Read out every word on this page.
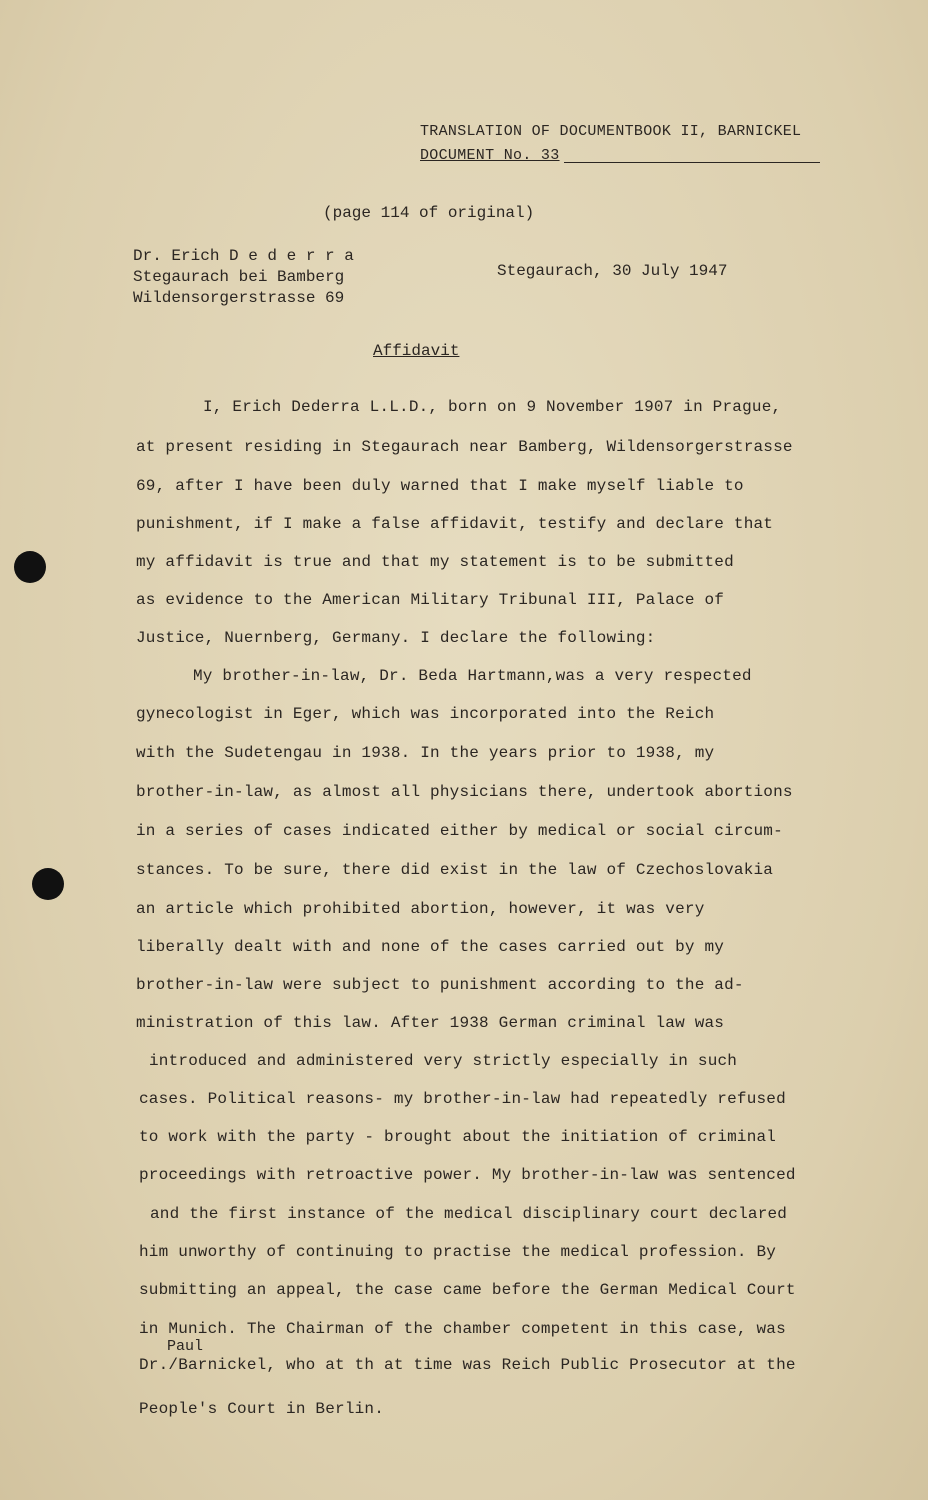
TRANSLATION OF DOCUMENTBOOK II, BARNICKEL
DOCUMENT No. 33
(page 114 of original)
Dr. Erich D e d e r r a
Stegaurach bei Bamberg
Wildensorgerstrasse 69
Stegaurach, 30 July 1947
Affidavit
I, Erich Dederra L.L.D., born on 9 November 1907 in Prague,
at present residing in Stegaurach near Bamberg, Wildensorgerstrasse
69, after I have been duly warned that I make myself liable to
punishment, if I make a false affidavit, testify and declare that
my affidavit is true and that my statement is to be submitted
as evidence to the American Military Tribunal III, Palace of
Justice, Nuernberg, Germany. I declare the following:
My brother-in-law, Dr. Beda Hartmann,was a very respected
gynecologist in Eger, which was incorporated into the Reich
with the Sudetengau in 1938. In the years prior to 1938, my
brother-in-law, as almost all physicians there, undertook abortions
in a series of cases indicated either by medical or social circum-
stances. To be sure, there did exist in the law of Czechoslovakia
an article which prohibited abortion, however, it was very
liberally dealt with and none of the cases carried out by my
brother-in-law were subject to punishment according to the ad-
ministration of this law. After 1938 German criminal law was
introduced and administered very strictly especially in such
cases. Political reasons- my brother-in-law had repeatedly refused
to work with the party - brought about the initiation of criminal
proceedings with retroactive power. My brother-in-law was sentenced
and the first instance of the medical disciplinary court declared
him unworthy of continuing to practise the medical profession. By
submitting an appeal, the case came before the German Medical Court
in Munich. The Chairman of the chamber competent in this case, was
Paul
Dr./Barnickel, who at th at time was Reich Public Prosecutor at the
People's Court in Berlin.
